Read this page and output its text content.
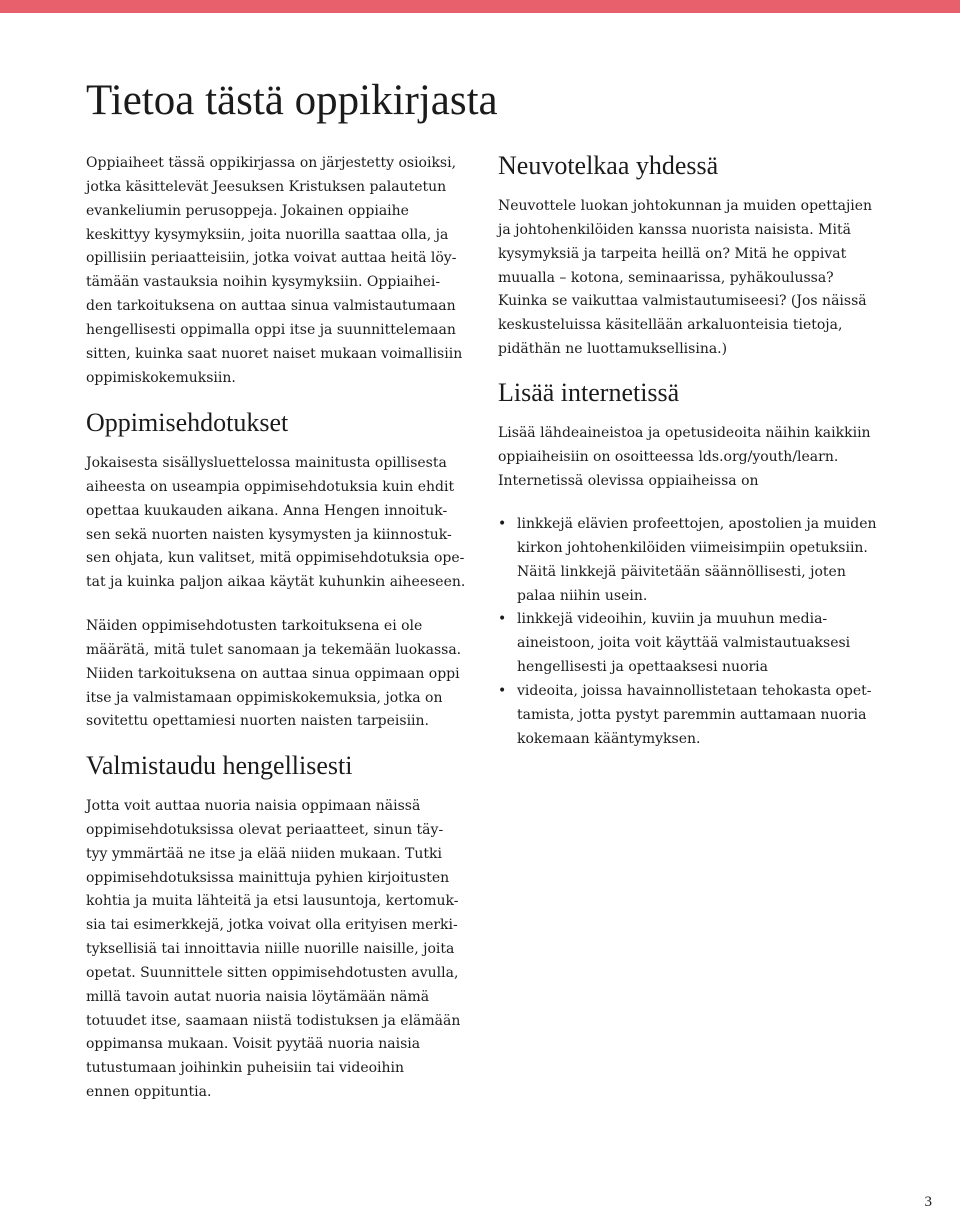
Tietoa tästä oppikirjasta

Oppiaiheet tässä oppikirjassa on järjestetty osioiksi,
jotka käsittelevät Jeesuksen Kristuksen palautetun
evankeliumin perusoppeja. Jokainen oppiaihe
keskittyy kysymyksiin, joita nuorilla saattaa olla, ja
opillisiin periaatteisiin, jotka voivat auttaa heitä löy-
tämään vastauksia noihin kysymyksiin. Oppiaihei-
den tarkoituksena on auttaa sinua valmistautumaan
hengellisesti oppimalla oppi itse ja suunnittelemaan
sitten, kuinka saat nuoret naiset mukaan voimallisiin
oppimiskokemuksiin.

Oppimisehdotukset

Jokaisesta sisällysluettelossa mainitusta opillisesta
aiheesta on useampia oppimisehdotuksia kuin ehdit
opettaa kuukauden aikana. Anna Hengen innoituk-
sen sekä nuorten naisten kysymysten ja kiinnostuk-
sen ohjata, kun valitset, mitä oppimisehdotuksia ope-
tat ja kuinka paljon aikaa käytät kuhunkin aiheeseen.

Näiden oppimisehdotusten tarkoituksena ei ole
määrätä, mitä tulet sanomaan ja tekemään luokassa.
Niiden tarkoituksena on auttaa sinua oppimaan oppi
itse ja valmistamaan oppimiskokemuksia, jotka on
sovitettu opettamiesi nuorten naisten tarpeisiin.

Valmistaudu hengellisesti

Jotta voit auttaa nuoria naisia oppimaan näissä
oppimisehdotuksissa olevat periaatteet, sinun täy-
tyy ymmärtää ne itse ja elää niiden mukaan. Tutki
oppimisehdotuksissa mainittuja pyhien kirjoitusten
kohtia ja muita lähteitä ja etsi lausuntoja, kertomuk-
sia tai esimerkkejä, jotka voivat olla erityisen merki-
tyksellisiä tai innoittavia niille nuorille naisille, joita
opetat. Suunnittele sitten oppimisehdotusten avulla,
millä tavoin autat nuoria naisia löytämään nämä
totuudet itse, saamaan niistä todistuksen ja elämään
oppimansa mukaan. Voisit pyytää nuoria naisia
tutustumaan joihinkin puheisiin tai videoihin
ennen oppituntia.

Neuvotelkaa yhdessä

Neuvottele luokan johtokunnan ja muiden opettajien
ja johtohenkilöiden kanssa nuorista naisista. Mitä
kysymyksiä ja tarpeita heillä on? Mitä he oppivat
muualla – kotona, seminaarissa, pyhäkoulussa?
Kuinka se vaikuttaa valmistautumiseesi? (Jos näissä
keskusteluissa käsitellään arkaluonteisia tietoja,
pidäthän ne luottamuksellisina.)

Lisää internetissä

Lisää lähdeaineistoa ja opetusideoita näihin kaikkiin
oppiaiheisiin on osoitteessa lds.org/youth/learn.
Internetissä olevissa oppiaiheissa on

• linkkejä elävien profeettojen, apostolien ja muiden
kirkon johtohenkilöiden viimeisimpiin opetuksiin.
Näitä linkkejä päivitetään säännöllisesti, joten
palaa niihin usein.
• linkkejä videoihin, kuviin ja muuhun media-
aineistoon, joita voit käyttää valmistautuaksesi
hengellisesti ja opettaaksesi nuoria
• videoita, joissa havainnollistetaan tehokasta opet-
tamista, jotta pystyt paremmin auttamaan nuoria
kokemaan kääntymyksen.
3
